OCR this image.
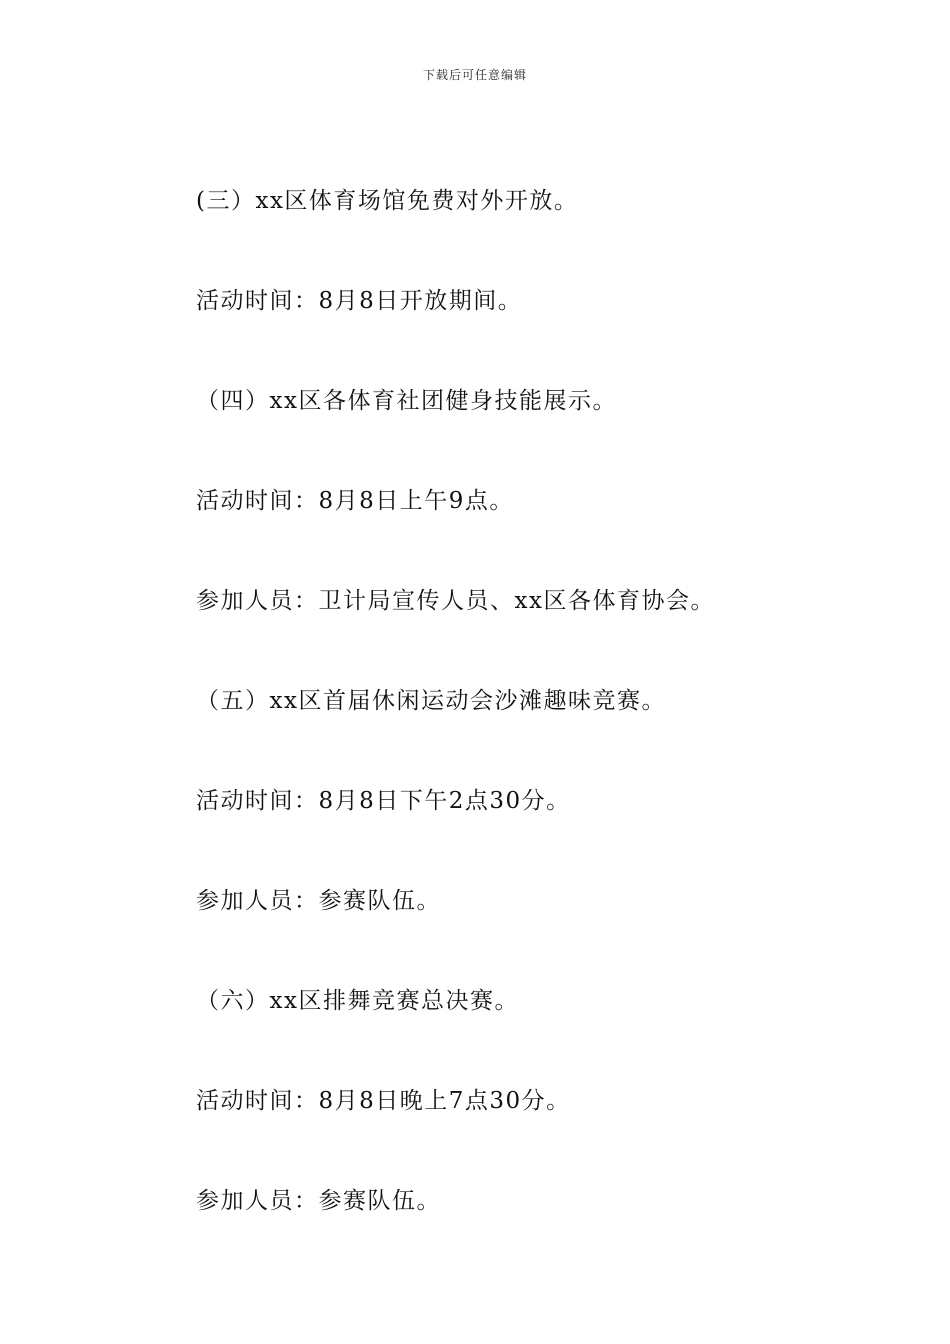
下载后可任意编辑
(三）xx区体育场馆免费对外开放。
活动时间：8月8日开放期间。
（四）xx区各体育社团健身技能展示。
活动时间：8月8日上午9点。
参加人员：卫计局宣传人员、xx区各体育协会。
（五）xx区首届休闲运动会沙滩趣味竞赛。
活动时间：8月8日下午2点30分。
参加人员：参赛队伍。
（六）xx区排舞竞赛总决赛。
活动时间：8月8日晚上7点30分。
参加人员：参赛队伍。
